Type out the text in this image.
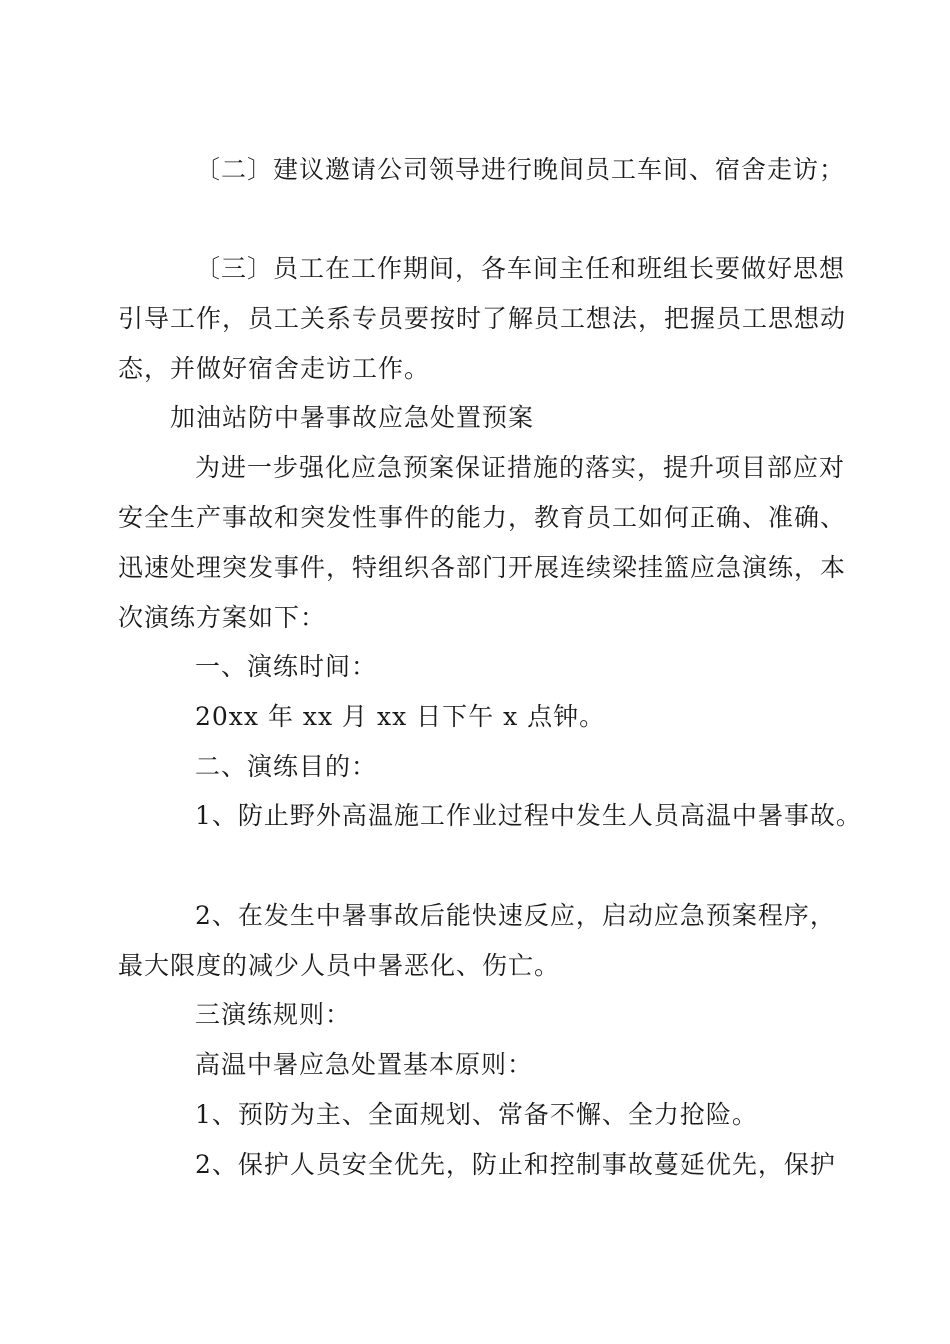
〔二〕建议邀请公司领导进行晚间员工车间、宿舍走访；
〔三〕员工在工作期间，各车间主任和班组长要做好思想
引导工作，员工关系专员要按时了解员工想法，把握员工思想动
态，并做好宿舍走访工作。
加油站防中暑事故应急处置预案
为进一步强化应急预案保证措施的落实，提升项目部应对
安全生产事故和突发性事件的能力，教育员工如何正确、准确、
迅速处理突发事件，特组织各部门开展连续梁挂篮应急演练，本
次演练方案如下：
一、演练时间：
20xx 年 xx 月 xx 日下午 x 点钟。
二、演练目的：
1、防止野外高温施工作业过程中发生人员高温中暑事故。
2、在发生中暑事故后能快速反应，启动应急预案程序，
最大限度的减少人员中暑恶化、伤亡。
三演练规则：
高温中暑应急处置基本原则：
1、预防为主、全面规划、常备不懈、全力抢险。
2、保护人员安全优先，防止和控制事故蔓延优先，保护
